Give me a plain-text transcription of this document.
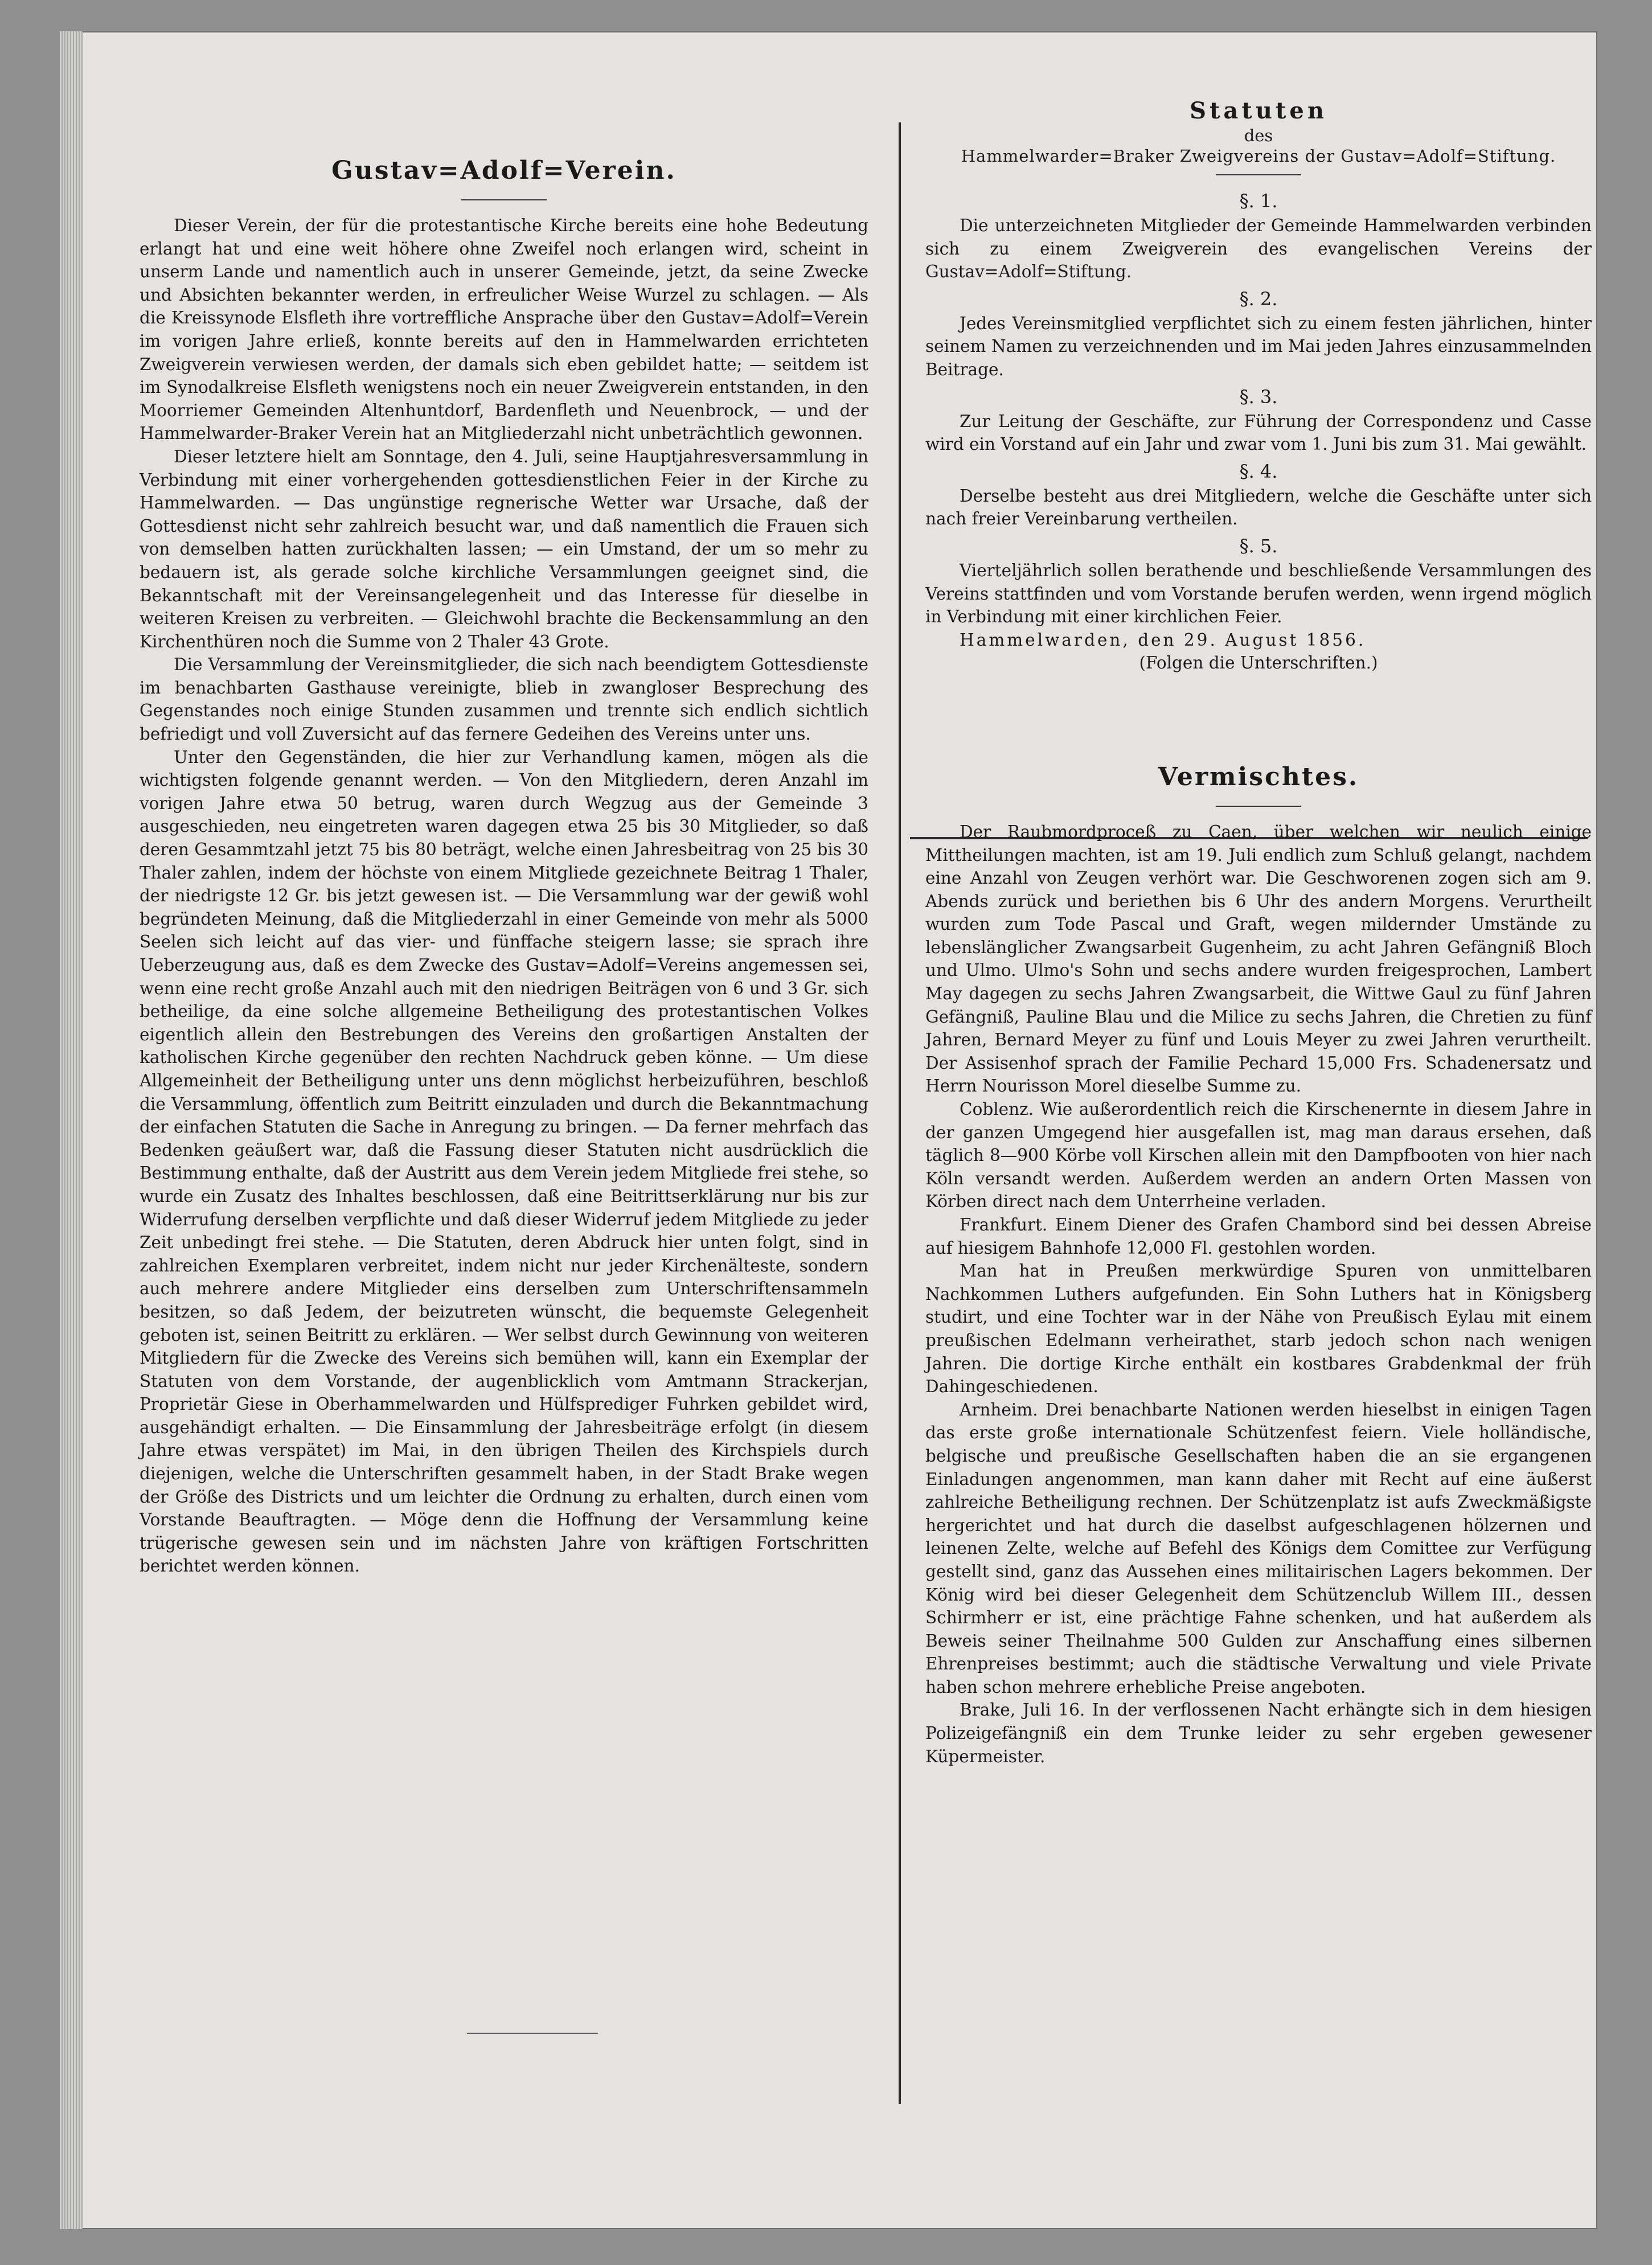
Gustav=Adolf=Verein.

Dieser Verein, der für die protestantische Kirche bereits eine hohe Bedeutung erlangt hat und eine weit höhere ohne Zweifel noch erlangen wird, scheint in unserm Lande und namentlich auch in unserer Gemeinde, jetzt, da seine Zwecke und Absichten bekannter werden, in erfreulicher Weise Wurzel zu schlagen. — Als die Kreissynode Elsfleth ihre vortreffliche Ansprache über den Gustav=Adolf=Verein im vorigen Jahre erließ, konnte bereits auf den in Hammelwarden errichteten Zweigverein verwiesen werden, der damals sich eben gebildet hatte; — seitdem ist im Synodalkreise Elsfleth wenigstens noch ein neuer Zweigverein entstanden, in den Moorriemer Gemeinden Altenhuntdorf, Bardenfleth und Neuenbrock, — und der Hammelwarder-Braker Verein hat an Mitgliederzahl nicht unbeträchtlich gewonnen.

Dieser letztere hielt am Sonntage, den 4. Juli, seine Hauptjahresversammlung in Verbindung mit einer vorhergehenden gottesdienstlichen Feier in der Kirche zu Hammelwarden. — Das ungünstige regnerische Wetter war Ursache, daß der Gottesdienst nicht sehr zahlreich besucht war, und daß namentlich die Frauen sich von demselben hatten zurückhalten lassen; — ein Umstand, der um so mehr zu bedauern ist, als gerade solche kirchliche Versammlungen geeignet sind, die Bekanntschaft mit der Vereinsangelegenheit und das Interesse für dieselbe in weiteren Kreisen zu verbreiten. — Gleichwohl brachte die Beckensammlung an den Kirchenthüren noch die Summe von 2 Thaler 43 Grote.

Die Versammlung der Vereinsmitglieder, die sich nach beendigtem Gottesdienste im benachbarten Gasthause vereinigte, blieb in zwangloser Besprechung des Gegenstandes noch einige Stunden zusammen und trennte sich endlich sichtlich befriedigt und voll Zuversicht auf das fernere Gedeihen des Vereins unter uns.

Unter den Gegenständen, die hier zur Verhandlung kamen, mögen als die wichtigsten folgende genannt werden. — Von den Mitgliedern, deren Anzahl im vorigen Jahre etwa 50 betrug, waren durch Wegzug aus der Gemeinde 3 ausgeschieden, neu eingetreten waren dagegen etwa 25 bis 30 Mitglieder, so daß deren Gesammtzahl jetzt 75 bis 80 beträgt, welche einen Jahresbeitrag von 25 bis 30 Thaler zahlen, indem der höchste von einem Mitgliede gezeichnete Beitrag 1 Thaler, der niedrigste 12 Gr. bis jetzt gewesen ist. — Die Versammlung war der gewiß wohl begründeten Meinung, daß die Mitgliederzahl in einer Gemeinde von mehr als 5000 Seelen sich leicht auf das vier- und fünffache steigern lasse; sie sprach ihre Ueberzeugung aus, daß es dem Zwecke des Gustav=Adolf=Vereins angemessen sei, wenn eine recht große Anzahl auch mit den niedrigen Beiträgen von 6 und 3 Gr. sich betheilige, da eine solche allgemeine Betheiligung des protestantischen Volkes eigentlich allein den Bestrebungen des Vereins den großartigen Anstalten der katholischen Kirche gegenüber den rechten Nachdruck geben könne. — Um diese Allgemeinheit der Betheiligung unter uns denn möglichst herbeizuführen, beschloß die Versammlung, öffentlich zum Beitritt einzuladen und durch die Bekanntmachung der einfachen Statuten die Sache in Anregung zu bringen. — Da ferner mehrfach das Bedenken geäußert war, daß die Fassung dieser Statuten nicht ausdrücklich die Bestimmung enthalte, daß der Austritt aus dem Verein jedem Mitgliede frei stehe, so wurde ein Zusatz des Inhaltes beschlossen, daß eine Beitrittserklärung nur bis zur Widerrufung derselben verpflichte und daß dieser Widerruf jedem Mitgliede zu jeder Zeit unbedingt frei stehe. — Die Statuten, deren Abdruck hier unten folgt, sind in zahlreichen Exemplaren verbreitet, indem nicht nur jeder Kirchenälteste, sondern auch mehrere andere Mitglieder eins derselben zum Unterschriftensammeln besitzen, so daß Jedem, der beizutreten wünscht, die bequemste Gelegenheit geboten ist, seinen Beitritt zu erklären. — Wer selbst durch Gewinnung von weiteren Mitgliedern für die Zwecke des Vereins sich bemühen will, kann ein Exemplar der Statuten von dem Vorstande, der augenblicklich vom Amtmann Strackerjan, Proprietär Giese in Oberhammelwarden und Hülfsprediger Fuhrken gebildet wird, ausgehändigt erhalten. — Die Einsammlung der Jahresbeiträge erfolgt (in diesem Jahre etwas verspätet) im Mai, in den übrigen Theilen des Kirchspiels durch diejenigen, welche die Unterschriften gesammelt haben, in der Stadt Brake wegen der Größe des Districts und um leichter die Ordnung zu erhalten, durch einen vom Vorstande Beauftragten. — Möge denn die Hoffnung der Versammlung keine trügerische gewesen sein und im nächsten Jahre von kräftigen Fortschritten berichtet werden können.

Statuten
des
Hammelwarder=Braker Zweigvereins der Gustav=Adolf=Stiftung.
§. 1.

Die unterzeichneten Mitglieder der Gemeinde Hammelwarden verbinden sich zu einem Zweigverein des evangelischen Vereins der Gustav=Adolf=Stiftung.

§. 2.

Jedes Vereinsmitglied verpflichtet sich zu einem festen jährlichen, hinter seinem Namen zu verzeichnenden und im Mai jeden Jahres einzusammelnden Beitrage.

§. 3.

Zur Leitung der Geschäfte, zur Führung der Correspondenz und Casse wird ein Vorstand auf ein Jahr und zwar vom 1. Juni bis zum 31. Mai gewählt.

§. 4.

Derselbe besteht aus drei Mitgliedern, welche die Geschäfte unter sich nach freier Vereinbarung vertheilen.

§. 5.

Vierteljährlich sollen berathende und beschließende Versammlungen des Vereins stattfinden und vom Vorstande berufen werden, wenn irgend möglich in Verbindung mit einer kirchlichen Feier.

Hammelwarden, den 29. August 1856.

(Folgen die Unterschriften.)
Vermischtes.

Der Raubmordproceß zu Caen, über welchen wir neulich einige Mittheilungen machten, ist am 19. Juli endlich zum Schluß gelangt, nachdem eine Anzahl von Zeugen verhört war. Die Geschworenen zogen sich am 9. Abends zurück und beriethen bis 6 Uhr des andern Morgens. Verurtheilt wurden zum Tode Pascal und Graft, wegen mildernder Umstände zu lebenslänglicher Zwangsarbeit Gugenheim, zu acht Jahren Gefängniß Bloch und Ulmo. Ulmo's Sohn und sechs andere wurden freigesprochen, Lambert May dagegen zu sechs Jahren Zwangsarbeit, die Wittwe Gaul zu fünf Jahren Gefängniß, Pauline Blau und die Milice zu sechs Jahren, die Chretien zu fünf Jahren, Bernard Meyer zu fünf und Louis Meyer zu zwei Jahren verurtheilt. Der Assisenhof sprach der Familie Pechard 15,000 Frs. Schadenersatz und Herrn Nourisson Morel dieselbe Summe zu.

Coblenz. Wie außerordentlich reich die Kirschenernte in diesem Jahre in der ganzen Umgegend hier ausgefallen ist, mag man daraus ersehen, daß täglich 8—900 Körbe voll Kirschen allein mit den Dampfbooten von hier nach Köln versandt werden. Außerdem werden an andern Orten Massen von Körben direct nach dem Unterrheine verladen.

Frankfurt. Einem Diener des Grafen Chambord sind bei dessen Abreise auf hiesigem Bahnhofe 12,000 Fl. gestohlen worden.

Man hat in Preußen merkwürdige Spuren von unmittelbaren Nachkommen Luthers aufgefunden. Ein Sohn Luthers hat in Königsberg studirt, und eine Tochter war in der Nähe von Preußisch Eylau mit einem preußischen Edelmann verheirathet, starb jedoch schon nach wenigen Jahren. Die dortige Kirche enthält ein kostbares Grabdenkmal der früh Dahingeschiedenen.

Arnheim. Drei benachbarte Nationen werden hieselbst in einigen Tagen das erste große internationale Schützenfest feiern. Viele holländische, belgische und preußische Gesellschaften haben die an sie ergangenen Einladungen angenommen, man kann daher mit Recht auf eine äußerst zahlreiche Betheiligung rechnen. Der Schützenplatz ist aufs Zweckmäßigste hergerichtet und hat durch die daselbst aufgeschlagenen hölzernen und leinenen Zelte, welche auf Befehl des Königs dem Comittee zur Verfügung gestellt sind, ganz das Aussehen eines militairischen Lagers bekommen. Der König wird bei dieser Gelegenheit dem Schützenclub Willem III., dessen Schirmherr er ist, eine prächtige Fahne schenken, und hat außerdem als Beweis seiner Theilnahme 500 Gulden zur Anschaffung eines silbernen Ehrenpreises bestimmt; auch die städtische Verwaltung und viele Private haben schon mehrere erhebliche Preise angeboten.

Brake, Juli 16. In der verflossenen Nacht erhängte sich in dem hiesigen Polizeigefängniß ein dem Trunke leider zu sehr ergeben gewesener Küpermeister.
